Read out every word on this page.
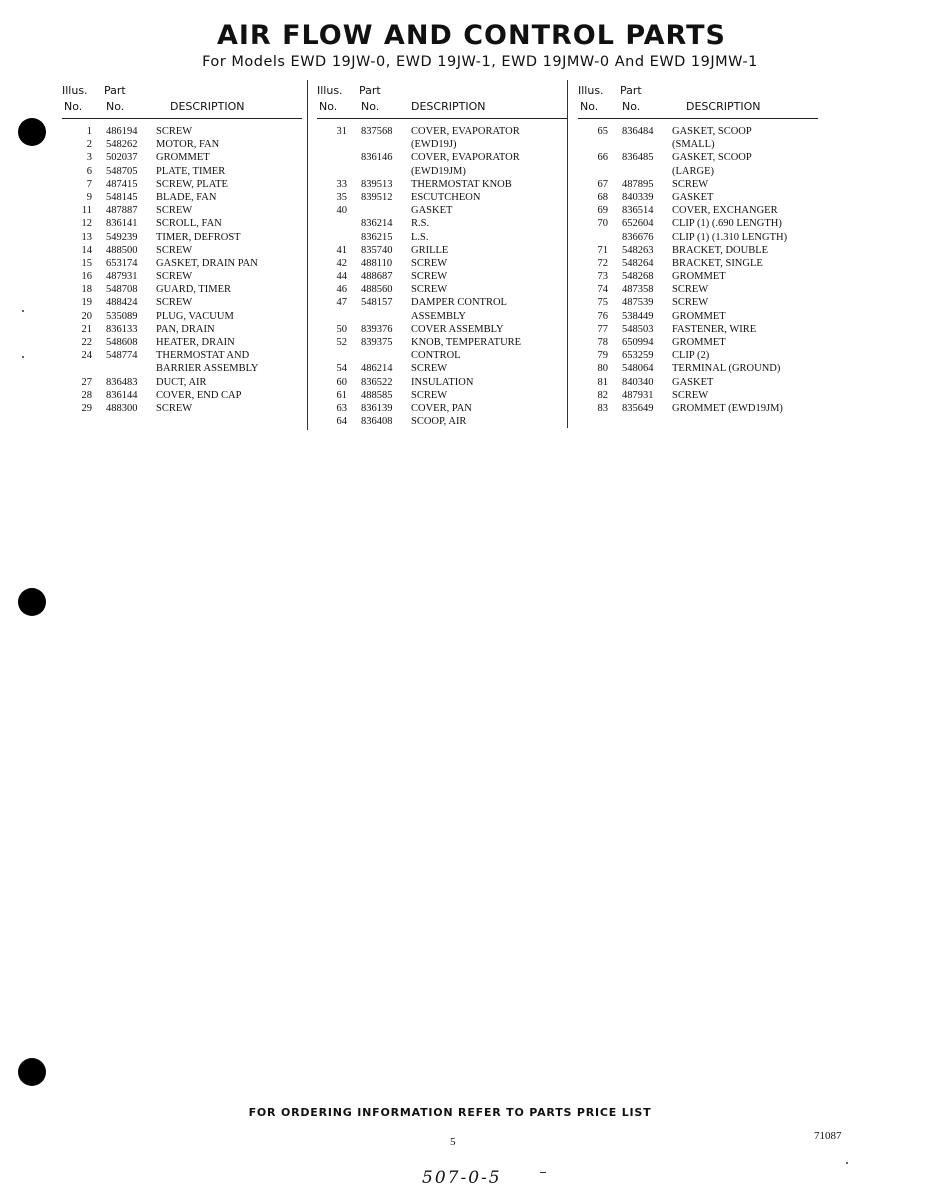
AIR FLOW AND CONTROL PARTS
For Models EWD 19JW-0, EWD 19JW-1, EWD 19JMW-0 And EWD 19JMW-1
Illus. Part
No. No.	DESCRIPTION
1 486194 SCREW
2 548262 MOTOR, FAN
3 502037 GROMMET
6 548705 PLATE, TIMER
7 487415 SCREW, PLATE
9 548145 BLADE, FAN
11 487887 SCREW
12 836141 SCROLL, FAN
13 549239 TIMER, DEFROST
14 488500 SCREW
15 653174 GASKET, DRAIN PAN
16 487931 SCREW
18 548708 GUARD, TIMER
19 488424 SCREW
20 535089 PLUG, VACUUM
21 836133 PAN, DRAIN
22 548608 HEATER, DRAIN
24 548774 THERMOSTAT AND
BARRIER ASSEMBLY
27 836483 DUCT, AIR
28 836144 COVER, END CAP
29 488300 SCREW
Illus. Part
No. No.	DESCRIPTION
31 837568 COVER, EVAPORATOR
(EWD19J)
836146 COVER, EVAPORATOR
(EWD19JM)
33 839513 THERMOSTAT KNOB
35 839512 ESCUTCHEON
40	GASKET
836214 R.S.
836215 L.S.
41 835740 GRILLE
42 488110 SCREW
44 488687 SCREW
46 488560 SCREW
47 548157 DAMPER CONTROL
ASSEMBLY
50 839376 COVER ASSEMBLY
52 839375 KNOB, TEMPERATURE
CONTROL
54 486214 SCREW
60 836522 INSULATION
61 488585 SCREW
63 836139 COVER, PAN
64 836408 SCOOP, AIR
Illus. Part
No. No.	DESCRIPTION
65 836484 GASKET, SCOOP
(SMALL)
66 836485 GASKET, SCOOP
(LARGE)
67 487895 SCREW
68 840339 GASKET
69 836514 COVER, EXCHANGER
70 652604 CLIP (1) (.690 LENGTH)
836676 CLIP (1) (1.310 LENGTH)
71 548263 BRACKET, DOUBLE
72 548264 BRACKET, SINGLE
73 548268 GROMMET
74 487358 SCREW
75 487539 SCREW
76 538449 GROMMET
77 548503 FASTENER, WIRE
78 650994 GROMMET
79 653259 CLIP (2)
80 548064 TERMINAL (GROUND)
81 840340 GASKET
82 487931 SCREW
83 835649 GROMMET (EWD19JM)
FOR ORDERING INFORMATION REFER TO PARTS PRICE LIST
5	71087
507-0-5
